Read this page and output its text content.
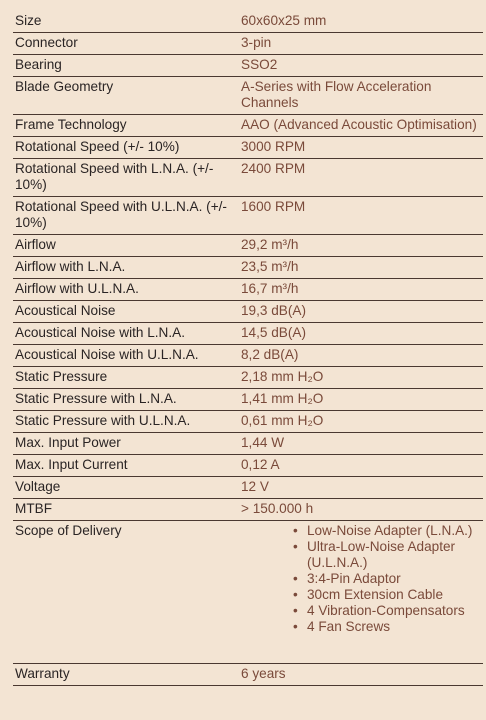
Size	60x60x25 mm
Connector	3-pin
Bearing	SSO2
Blade Geometry	A-Series with Flow Acceleration Channels
Frame Technology	AAO (Advanced Acoustic Optimisation)
Rotational Speed (+/- 10%)	3000 RPM
Rotational Speed with L.N.A. (+/- 10%)
2400 RPM
Rotational Speed with U.L.N.A. (+/- 10%)
1600 RPM
Airflow	29,2 m³/h
Airflow with L.N.A.	23,5 m³/h
Airflow with U.L.N.A.	16,7 m³/h
Acoustical Noise	19,3 dB(A)
Acoustical Noise with L.N.A.	14,5 dB(A)
Acoustical Noise with U.L.N.A.	8,2 dB(A)
Static Pressure	2,18 mm H₂O
Static Pressure with L.N.A.	1,41 mm H₂O
Static Pressure with U.L.N.A.	0,61 mm H₂O
Max. Input Power	1,44 W
Max. Input Current	0,12 A
Voltage	12 V
MTBF	> 150.000 h
Scope of Delivery
•	Low-Noise Adapter (L.N.A.)
• Ultra-Low-Noise Adapter (U.L.N.A.)
• 3:4-Pin Adaptor
• 30cm Extension Cable
• 4 Vibration-Compensators
• 4 Fan Screws
Warranty	6 years
